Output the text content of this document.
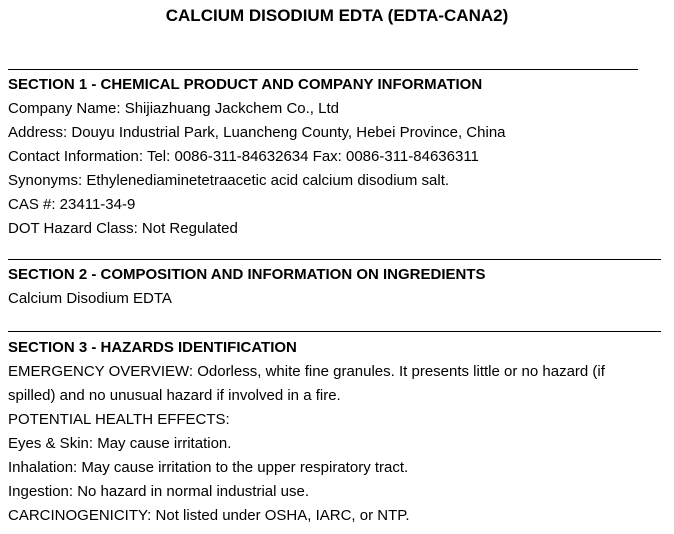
CALCIUM DISODIUM EDTA (EDTA-CANA2)
SECTION 1 - CHEMICAL PRODUCT AND COMPANY INFORMATION
Company Name: Shijiazhuang Jackchem Co., Ltd
Address: Douyu Industrial Park, Luancheng County, Hebei Province, China
Contact Information: Tel: 0086-311-84632634 Fax: 0086-311-84636311
Synonyms: Ethylenediaminetetraacetic acid calcium disodium salt.
CAS #: 23411-34-9
DOT Hazard Class: Not Regulated
SECTION 2 - COMPOSITION AND INFORMATION ON INGREDIENTS
Calcium Disodium EDTA
SECTION 3 - HAZARDS IDENTIFICATION
EMERGENCY OVERVIEW: Odorless, white fine granules. It presents little or no hazard (if
spilled) and no unusual hazard if involved in a fire.
POTENTIAL HEALTH EFFECTS:
Eyes & Skin: May cause irritation.
Inhalation: May cause irritation to the upper respiratory tract.
Ingestion: No hazard in normal industrial use.
CARCINOGENICITY: Not listed under OSHA, IARC, or NTP.
